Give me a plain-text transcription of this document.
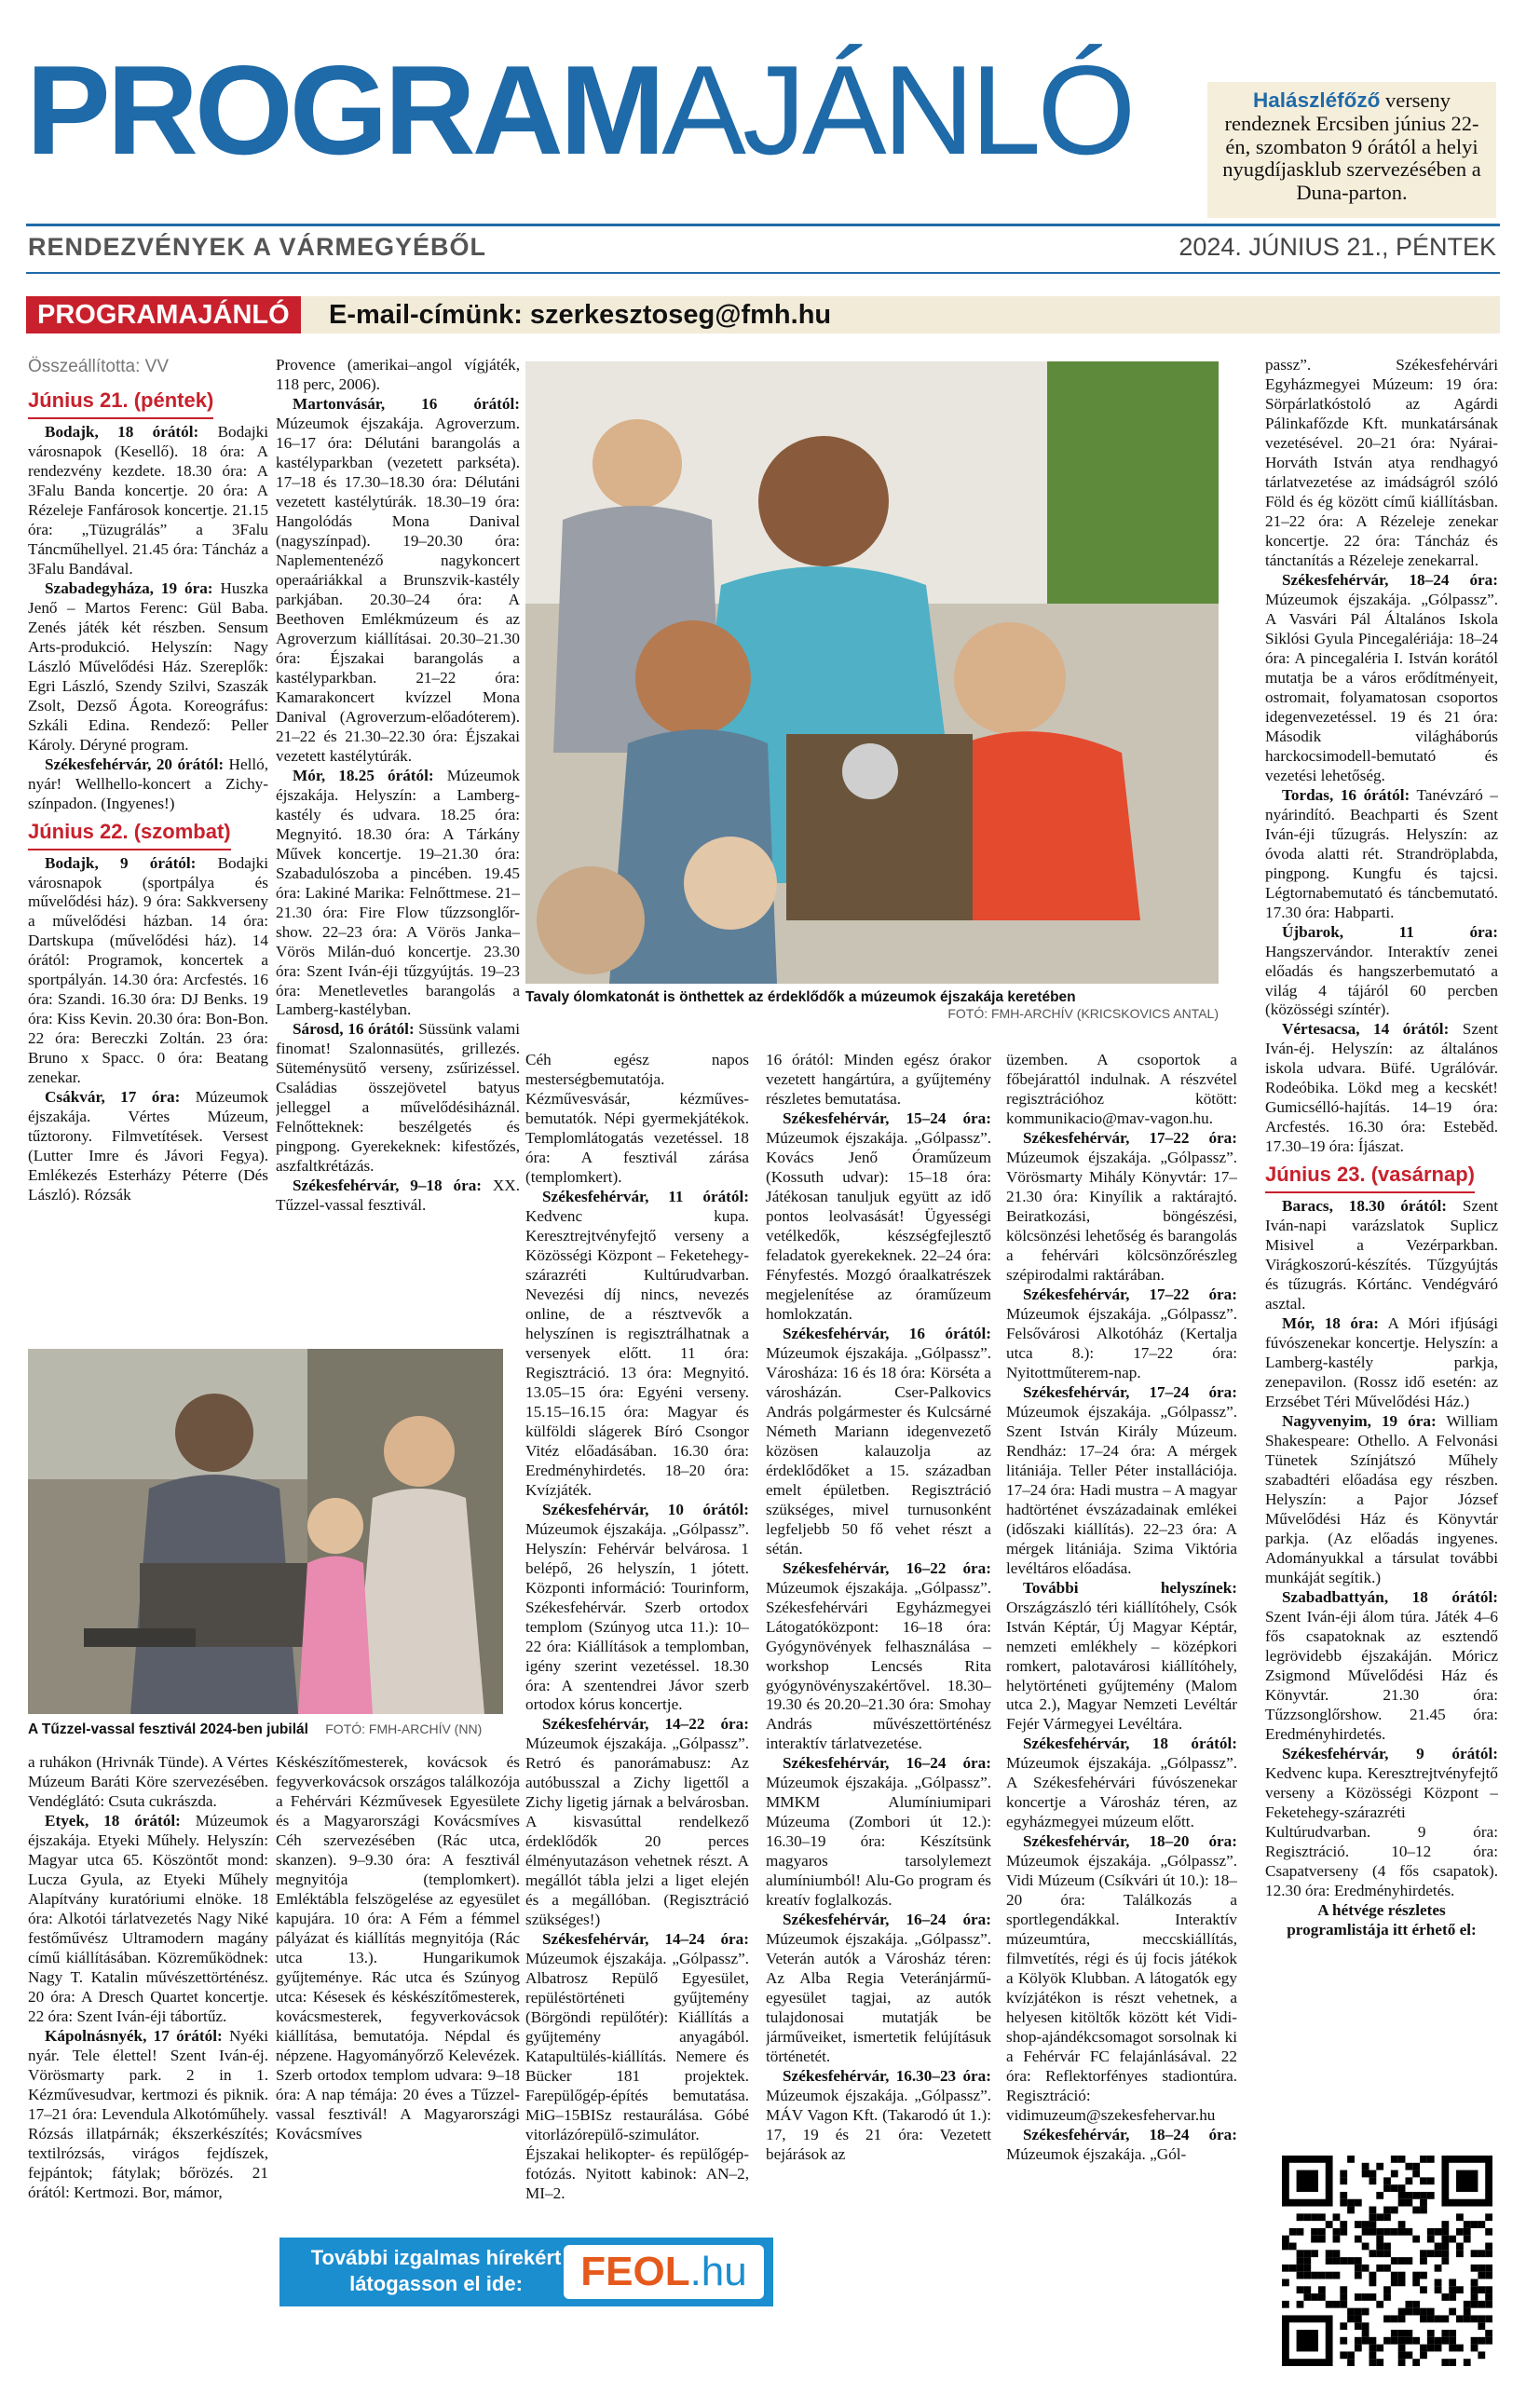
PROGRAMAJÁNLÓ
RENDEZVÉNYEK A VÁRMEGYÉBŐL	2024. JÚNIUS 21., PÉNTEK
Halászléfőző verseny rendeznek Ercsiben június 22-én, szombaton 9 órától a helyi nyugdíjasklub szervezésében a Duna-parton.
PROGRAMAJÁNLÓ	E-mail-címünk: szerkesztoseg@fmh.hu
Összeállította: VV
Június 21. (péntek)

Bodajk, 18 órától: Bodajki városnapok (Kesellő). 18 óra: A rendezvény kezdete. 18.30 óra: A 3Falu Banda koncertje. 20 óra: A Rézeleje Fanfárosok koncertje. 21.15 óra: „Tüzugrálás” a 3Falu Táncműhellyel. 21.45 óra: Táncház a 3Falu Bandával.

Szabadegyháza, 19 óra: Huszka Jenő – Martos Ferenc: Gül Baba. Zenés játék két részben. Sensum Arts-produkció. Helyszín: Nagy László Művelődési Ház. Szereplők: Egri László, Szendy Szilvi, Szaszák Zsolt, Dezső Ágota. Koreográfus: Szkáli Edina. Rendező: Peller Károly. Déryné program.

Székesfehérvár, 20 órától: Helló, nyár! Wellhello-koncert a Zichy-színpadon. (Ingyenes!)

Június 22. (szombat)

Bodajk, 9 órától: Bodajki városnapok (sportpálya és művelődési ház). 9 óra: Sakkverseny a művelődési házban. 14 óra: Dartskupa (művelődési ház). 14 órától: Programok, koncertek a sportpályán. 14.30 óra: Arcfestés. 16 óra: Szandi. 16.30 óra: DJ Benks. 19 óra: Kiss Kevin. 20.30 óra: Bon-Bon. 22 óra: Bereczki Zoltán. 23 óra: Bruno x Spacc. 0 óra: Beatang zenekar.

Csákvár, 17 óra: Múzeumok éjszakája. Vértes Múzeum, tűztorony. Filmvetítések. Versest (Lutter Imre és Jávori Fegya). Emlékezés Esterházy Péterre (Dés László). Rózsák

Provence (amerikai–angol vígjáték, 118 perc, 2006).

Martonvásár, 16 órától: Múzeumok éjszakája. Agroverzum. 16–17 óra: Délutáni barangolás a kastélyparkban (vezetett parkséta). 17–18 és 17.30–18.30 óra: Délutáni vezetett kastélytúrák. 18.30–19 óra: Hangolódás Mona Danival (nagyszínpad). 19–20.30 óra: Naplementenéző nagykoncert operaáriákkal a Brunszvik-kastély parkjában. 20.30–24 óra: A Beethoven Emlékmúzeum és az Agroverzum kiállításai. 20.30–21.30 óra: Éjszakai barangolás a kastélyparkban. 21–22 óra: Kamarakoncert kvízzel Mona Danival (Agroverzum-előadóterem). 21–22 és 21.30–22.30 óra: Éjszakai vezetett kastélytúrák.

Mór, 18.25 órától: Múzeumok éjszakája. Helyszín: a Lamberg-kastély és udvara. 18.25 óra: Megnyitó. 18.30 óra: A Tárkány Művek koncertje. 19–21.30 óra: Szabadulószoba a pincében. 19.45 óra: Lakiné Marika: Felnőttmese. 21–21.30 óra: Fire Flow tűzzsonglőr-show. 22–23 óra: A Vörös Janka–Vörös Milán-duó koncertje. 23.30 óra: Szent Iván-éji tűzgyújtás. 19–23 óra: Menetlevetles barangolás a Lamberg-kastélyban.

Sárosd, 16 órától: Süssünk valami finomat! Szalonnasütés, grillezés. Süteménysütő verseny, zsűrizéssel. Családias összejövetel batyus jelleggel a művelődésiháznál. Felnőtteknek: beszélgetés és pingpong. Gyerekeknek: kifestőzés, aszfaltkrétázás.

Székesfehérvár, 9–18 óra: XX. Tűzzel-vassal fesztivál.

A Tűzzel-vassal fesztivál 2024-ben jubilál FOTÓ: FMH-ARCHÍV (NN)

a ruhákon (Hrivnák Tünde). A Vértes Múzeum Baráti Köre szervezésében. Vendéglátó: Csuta cukrászda.

Etyek, 18 órától: Múzeumok éjszakája. Etyeki Műhely. Helyszín: Magyar utca 65. Köszöntőt mond: Lucza Gyula, az Etyeki Műhely Alapítvány kuratóriumi elnöke. 18 óra: Alkotói tárlatvezetés Nagy Niké festőművész Ultramodern magány című kiállításában. Közreműködnek: Nagy T. Katalin művészettörténész. 20 óra: A Dresch Quartet koncertje. 22 óra: Szent Iván-éji tábortűz.

Kápolnásnyék, 17 órától: Nyéki nyár. Tele élettel! Szent Iván-éj. Vörösmarty park. 2 in 1. Kézművesudvar, kertmozi és piknik. 17–21 óra: Levendula Alkotóműhely. Rózsás illatpárnák; ékszerkészítés; textilrózsás, virágos fejdíszek, fejpántok; fátylak; bőrözés. 21 órától: Kertmozi. Bor, mámor,

Késkészítőmesterek, kovácsok és fegyverkovácsok országos találkozója a Fehérvári Kézművesek Egyesülete és a Magyarországi Kovácsmíves Céh szervezésében (Rác utca, skanzen). 9–9.30 óra: A fesztivál megnyitója (templomkert). Emléktábla felszögelése az egyesület kapujára. 10 óra: A Fém a fémmel pályázat és kiállítás megnyitója (Rác utca 13.). Hungarikumok gyűjteménye. Rác utca és Szúnyog utca: Késesek és késkészítőmesterek, kovácsmesterek, fegyverkovácsok kiállítása, bemutatója. Népdal és népzene. Hagyományőrző Kelevézek. Szerb ortodox templom udvara: 9–18 óra: A nap témája: 20 éves a Tűzzel-vassal fesztivál! A Magyarországi Kovácsmíves

További izgalmas hírekért
látogasson el ide:	FEOL.hu
Tavaly ólomkatonát is önthettek az érdeklődők a múzeumok éjszakája keretében
FOTÓ: FMH-ARCHÍV (KRICSKOVICS ANTAL)

Céh egész napos mesterségbemutatója. Kézművesvásár, kézműves-bemutatók. Népi gyermekjátékok. Templomlátogatás vezetéssel. 18 óra: A fesztivál zárása (templomkert).

Székesfehérvár, 11 órától: Kedvenc kupa. Keresztrejtvényfejtő verseny a Közösségi Központ – Feketehegy-szárazréti Kultúrudvarban. Nevezési díj nincs, nevezés online, de a résztvevők a helyszínen is regisztrálhatnak a versenyek előtt. 11 óra: Regisztráció. 13 óra: Megnyitó. 13.05–15 óra: Egyéni verseny. 15.15–16.15 óra: Magyar és külföldi slágerek Bíró Csongor Vitéz előadásában. 16.30 óra: Eredményhirdetés. 18–20 óra: Kvízjáték.

Székesfehérvár, 10 órától: Múzeumok éjszakája. „Gólpassz”. Helyszín: Fehérvár belvárosa. 1 belépő, 26 helyszín, 1 jótett. Központi információ: Tourinform, Székesfehérvár. Szerb ortodox templom (Szúnyog utca 11.): 10–22 óra: Kiállítások a templomban, igény szerint vezetéssel. 18.30 óra: A szentendrei Jávor szerb ortodox kórus koncertje.

Székesfehérvár, 14–22 óra: Múzeumok éjszakája. „Gólpassz”. Retró és panorámabusz: Az autóbusszal a Zichy ligettől a Zichy ligetig járnak a belvárosban. A kisvasúttal rendelkező érdeklődők 20 perces élményutazáson vehetnek részt. A megállót tábla jelzi a liget elején és a megállóban. (Regisztráció szükséges!)

Székesfehérvár, 14–24 óra: Múzeumok éjszakája. „Gólpassz”. Albatrosz Repülő Egyesület, repüléstörténeti gyűjtemény (Börgöndi repülőtér): Kiállítás a gyűjtemény anyagából. Katapultülés-kiállítás. Nemere és Bücker 181 projektek. Farepülőgép-építés bemutatása. MiG–15BISz restaurálása. Góbé vitorlázórepülő-szimulátor. Éjszakai helikopter- és repülőgép-fotózás. Nyitott kabinok: AN–2, MI–2.

16 órától: Minden egész órakor vezetett hangártúra, a gyűjtemény részletes bemutatása.

Székesfehérvár, 15–24 óra: Múzeumok éjszakája. „Gólpassz”. Kovács Jenő Óraműzeum (Kossuth udvar): 15–18 óra: Játékosan tanuljuk együtt az idő pontos leolvasását! Ügyességi vetélkedők, készségfejlesztő feladatok gyerekeknek. 22–24 óra: Fényfestés. Mozgó óraalkatrészek megjelenítése az óraműzeum homlokzatán.

Székesfehérvár, 16 órától: Múzeumok éjszakája. „Gólpassz”. Városháza: 16 és 18 óra: Körséta a városházán. Cser-Palkovics András polgármester és Kulcsárné Németh Mariann idegenvezető közösen kalauzolja az érdeklődőket a 15. században emelt épületben. Regisztráció szükséges, mivel turnusonként legfeljebb 50 fő vehet részt a sétán.

Székesfehérvár, 16–22 óra: Múzeumok éjszakája. „Gólpassz”. Székesfehérvári Egyházmegyei Látogatóközpont: 16–18 óra: Gyógynövények felhasználása – workshop Lencsés Rita gyógynövényszakértővel. 18.30–19.30 és 20.20–21.30 óra: Smohay András művészettörténész interaktív tárlatvezetése.

Székesfehérvár, 16–24 óra: Múzeumok éjszakája. „Gólpassz”. MMKM Alumíniumipari Múzeuma (Zombori út 12.): 16.30–19 óra: Készítsünk magyaros tarsolylemezt alumíniumból! Alu-Go program és kreatív foglalkozás.

Székesfehérvár, 16–24 óra: Múzeumok éjszakája. „Gólpassz”. Veterán autók a Városház téren: Az Alba Regia Veteránjármű-egyesület tagjai, az autók tulajdonosai mutatják be járműveiket, ismertetik felújításuk történetét.

Székesfehérvár, 16.30–23 óra: Múzeumok éjszakája. „Gólpassz”. MÁV Vagon Kft. (Takarodó út 1.): 17, 19 és 21 óra: Vezetett bejárások az

üzemben. A csoportok a főbejárattól indulnak. A részvétel regisztrációhoz kötött: kommunikacio@mav-vagon.hu.

Székesfehérvár, 17–22 óra: Múzeumok éjszakája. „Gólpassz”. Vörösmarty Mihály Könyvtár: 17–21.30 óra: Kinyílik a raktárajtó. Beiratkozási, böngészési, kölcsönzési lehetőség és barangolás a fehérvári kölcsönzőrészleg szépirodalmi raktárában.

Székesfehérvár, 17–22 óra: Múzeumok éjszakája. „Gólpassz”. Felsővárosi Alkotóház (Kertalja utca 8.): 17–22 óra: Nyitottműterem-nap.

Székesfehérvár, 17–24 óra: Múzeumok éjszakája. „Gólpassz”. Szent István Király Múzeum. Rendház: 17–24 óra: A mérgek litániája. Teller Péter installációja. 17–24 óra: Hadi mustra – A magyar hadtörténet évszázadainak emlékei (időszaki kiállítás). 22–23 óra: A mérgek litániája. Szima Viktória levéltáros előadása.

További helyszínek: Országzászló téri kiállítóhely, Csók István Képtár, Új Magyar Képtár, nemzeti emlékhely – középkori romkert, palotavárosi kiállítóhely, helytörténeti gyűjtemény (Malom utca 2.), Magyar Nemzeti Levéltár Fejér Vármegyei Levéltára.

Székesfehérvár, 18 órától: Múzeumok éjszakája. „Gólpassz”. A Székesfehérvári fúvószenekar koncertje a Városház téren, az egyházmegyei múzeum előtt.

Székesfehérvár, 18–20 óra: Múzeumok éjszakája. „Gólpassz”. Vidi Múzeum (Csíkvári út 10.): 18–20 óra: Találkozás a sportlegendákkal. Interaktív múzeumtúra, meccskiállítás, filmvetítés, régi és új focis játékok a Kölyök Klubban. A látogatók egy kvízjátékon is részt vehetnek, a helyesen kitöltők között két Vidi-shop-ajándékcsomagot sorsolnak ki a Fehérvár FC felajánlásával. 22 óra: Reflektorfényes stadiontúra. Regisztráció: vidimuzeum@szekesfehervar.hu

Székesfehérvár, 18–24 óra: Múzeumok éjszakája. „Gól-

passz”. Székesfehérvári Egyházmegyei Múzeum: 19 óra: Sörpárlatkóstoló az Agárdi Pálinkafőzde Kft. munkatársának vezetésével. 20–21 óra: Nyárai-Horváth István atya rendhagyó tárlatvezetése az imádságról szóló Föld és ég között című kiállításban. 21–22 óra: A Rézeleje zenekar koncertje. 22 óra: Táncház és tánctanítás a Rézeleje zenekarral.

Székesfehérvár, 18–24 óra: Múzeumok éjszakája. „Gólpassz”. A Vasvári Pál Általános Iskola Siklósi Gyula Pincegalériája: 18–24 óra: A pincegaléria I. István korától mutatja be a város erődítményeit, ostromait, folyamatosan csoportos idegenvezetéssel. 19 és 21 óra: Második világháborús harckocsimodell-bemutató és vezetési lehetőség.

Tordas, 16 órától: Tanévzáró – nyárindító. Beachparti és Szent Iván-éji tűzugrás. Helyszín: az óvoda alatti rét. Strandröplabda, pingpong. Kungfu és tajcsi. Légtornabemutató és táncbemutató. 17.30 óra: Habparti.

Újbarok, 11 óra: Hangszervándor. Interaktív zenei előadás és hangszerbemutató a világ 4 tájáról 60 percben (közösségi színtér).

Vértesacsa, 14 órától: Szent Iván-éj. Helyszín: az általános iskola udvara. Büfé. Ugrálóvár. Rodeóbika. Lökd meg a kecskét! Gumicsélló-hajítás. 14–19 óra: Arcfestés. 16.30 óra: Esteběd. 17.30–19 óra: Íjászat.

Június 23. (vasárnap)

Baracs, 18.30 órától: Szent Iván-napi varázslatok Suplicz Misivel a Vezérparkban. Virágkoszorú-készítés. Tűzgyújtás és tűzugrás. Kórtánc. Vendégváró asztal.

Mór, 18 óra: A Móri ifjúsági fúvószenekar koncertje. Helyszín: a Lamberg-kastély parkja, zenepavilon. (Rossz idő esetén: az Erzsébet Téri Művelődési Ház.)

Nagyvenyim, 19 óra: William Shakespeare: Othello. A Felvonási Tünetek Színjátszó Műhely szabadtéri előadása egy részben. Helyszín: a Pajor József Művelődési Ház és Könyvtár parkja. (Az előadás ingyenes. Adományukkal a társulat további munkáját segítik.)

Szabadbattyán, 18 órától: Szent Iván-éji álom túra. Játék 4–6 fős csapatoknak az esztendő legrövidebb éjszakáján. Móricz Zsigmond Művelődési Ház és Könyvtár. 21.30 óra: Tűzzsonglőrshow. 21.45 óra: Eredményhirdetés.

Székesfehérvár, 9 órától: Kedvenc kupa. Keresztrejtvényfejtő verseny a Közösségi Központ – Feketehegy-szárazréti Kultúrudvarban. 9 óra: Regisztráció. 10–12 óra: Csapatverseny (4 fős csapatok). 12.30 óra: Eredményhirdetés.

A hétvége részletes programlistája itt érhető el:
